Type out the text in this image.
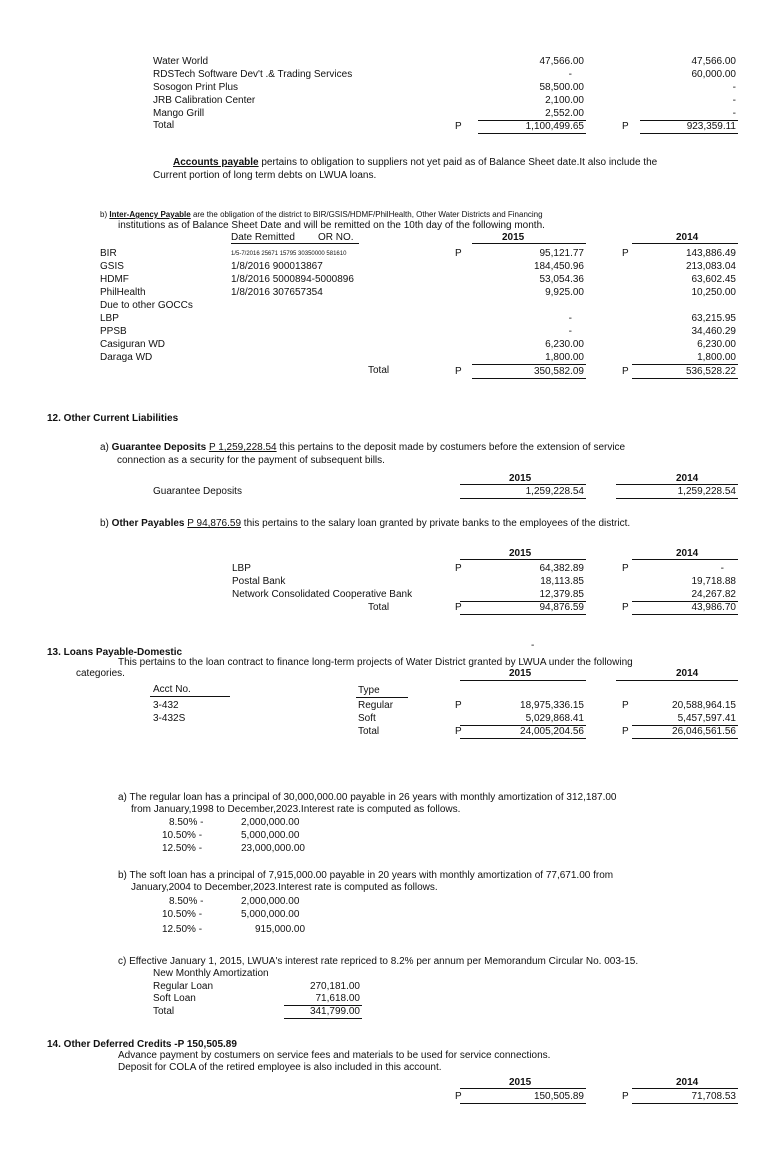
Water World	47,566.00	47,566.00
RDSTech Software Dev't .& Trading Services	-	60,000.00
Sosogon Print Plus	58,500.00	-
JRB Calibration Center	2,100.00	-
Mango Grill	2,552.00	-
Total	P	1,100,499.65	P	923,359.11
Accounts payable pertains to obligation to suppliers not yet paid as of Balance Sheet date.It also include the
Current portion of long term debts on LWUA loans.
b) Inter-Agency Payable are the obligation of the district to BIR/GSIS/HDMF/PhilHealth, Other Water Districts and Financing
institutions as of Balance Sheet Date and will be remitted on the 10th day of the following month.
Date Remitted OR NO.	2015	2014
BIR	1/5-7/2016 25671 15795 30350000 581610	P	95,121.77	P	143,886.49
GSIS	1/8/2016 900013867	184,450.96	213,083.04
HDMF	1/8/2016 5000894-5000896	53,054.36	63,602.45
PhilHealth	1/8/2016 307657354	9,925.00	10,250.00
Due to other GOCCs
LBP	-	63,215.95
PPSB	-	34,460.29
Casiguran WD	6,230.00	6,230.00
Daraga WD	1,800.00	1,800.00
Total	P	350,582.09	P	536,528.22
12. Other Current Liabilities
a) Guarantee Deposits P 1,259,228.54 this pertains to the deposit made by costumers before the extension of service
connection as a security for the payment of subsequent bills.
2015	2014
Guarantee Deposits	1,259,228.54	1,259,228.54
b) Other Payables P 94,876.59 this pertains to the salary loan granted by private banks to the employees of the district.
2015	2014
LBP	P	64,382.89	P	-
Postal Bank	18,113.85	19,718.88
Network Consolidated Cooperative Bank	12,379.85	24,267.82
Total	P	94,876.59	P	43,986.70
13. Loans Payable-Domestic
-
This pertains to the loan contract to finance long-term projects of Water District granted by LWUA under the following
categories.	2015	2014
Acct No.	Type
3-432	Regular	P	18,975,336.15	P	20,588,964.15
3-432S	Soft	5,029,868.41	5,457,597.41
Total	P	24,005,204.56	P	26,046,561.56
a) The regular loan has a principal of 30,000,000.00 payable in 26 years with monthly amortization of 312,187.00
from January,1998 to December,2023.Interest rate is computed as follows.
8.50% -	2,000,000.00
10.50% -	5,000,000.00
12.50% -	23,000,000.00
b) The soft loan has a principal of 7,915,000.00 payable in 20 years with monthly amortization of 77,671.00 from
January,2004 to December,2023.Interest rate is computed as follows.
8.50% -	2,000,000.00
10.50% -	5,000,000.00
12.50% -	915,000.00
c) Effective January 1, 2015, LWUA's interest rate repriced to 8.2% per annum per Memorandum Circular No. 003-15.
New Monthly Amortization
Regular Loan	270,181.00
Soft Loan	71,618.00
Total	341,799.00
14. Other Deferred Credits -P 150,505.89
Advance payment by costumers on service fees and materials to be used for service connections.
Deposit for COLA of the retired employee is also included in this account.
2015	2014
P	150,505.89	P	71,708.53
